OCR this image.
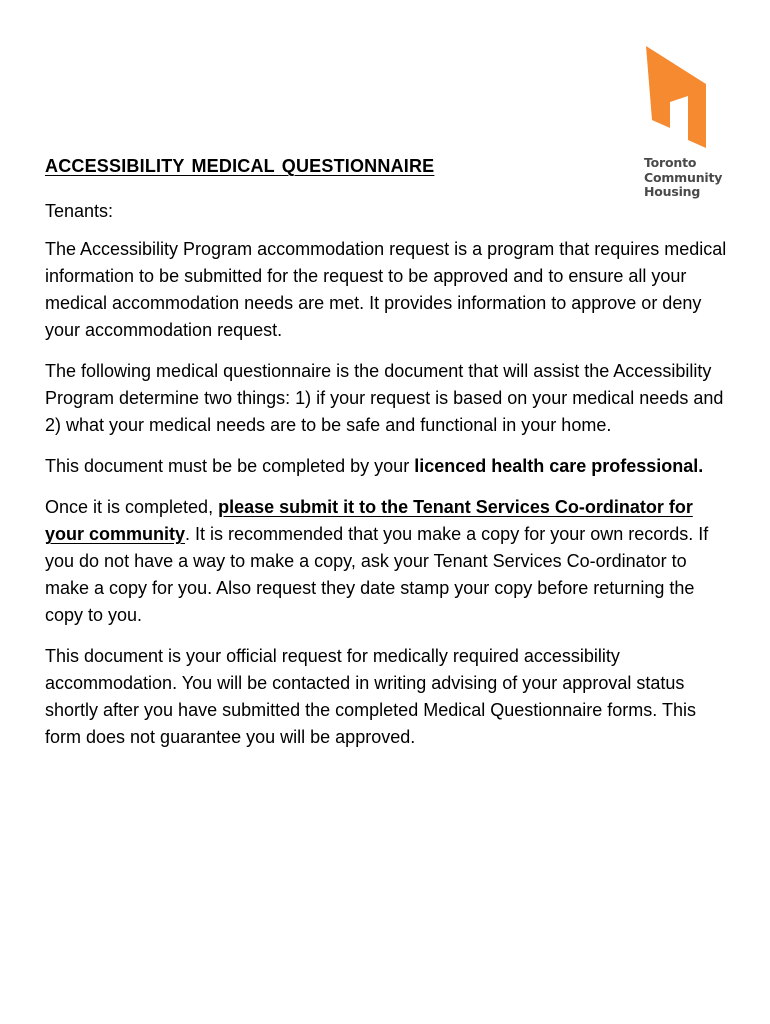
Toronto
Community
Housing
ACCESSIBILITY MEDICAL QUESTIONNAIRE

Tenants:

The Accessibility Program accommodation request is a program that requires medical information to be submitted for the request to be approved and to ensure all your medical accommodation needs are met. It provides information to approve or deny your accommodation request.

The following medical questionnaire is the document that will assist the Accessibility Program determine two things: 1) if your request is based on your medical needs and 2) what your medical needs are to be safe and functional in your home.

This document must be be completed by your licenced health care professional.

Once it is completed, please submit it to the Tenant Services Co-ordinator for your community. It is recommended that you make a copy for your own records. If you do not have a way to make a copy, ask your Tenant Services Co-ordinator to make a copy for you. Also request they date stamp your copy before returning the copy to you.

This document is your official request for medically required accessibility accommodation. You will be contacted in writing advising of your approval status shortly after you have submitted the completed Medical Questionnaire forms. This form does not guarantee you will be approved.
